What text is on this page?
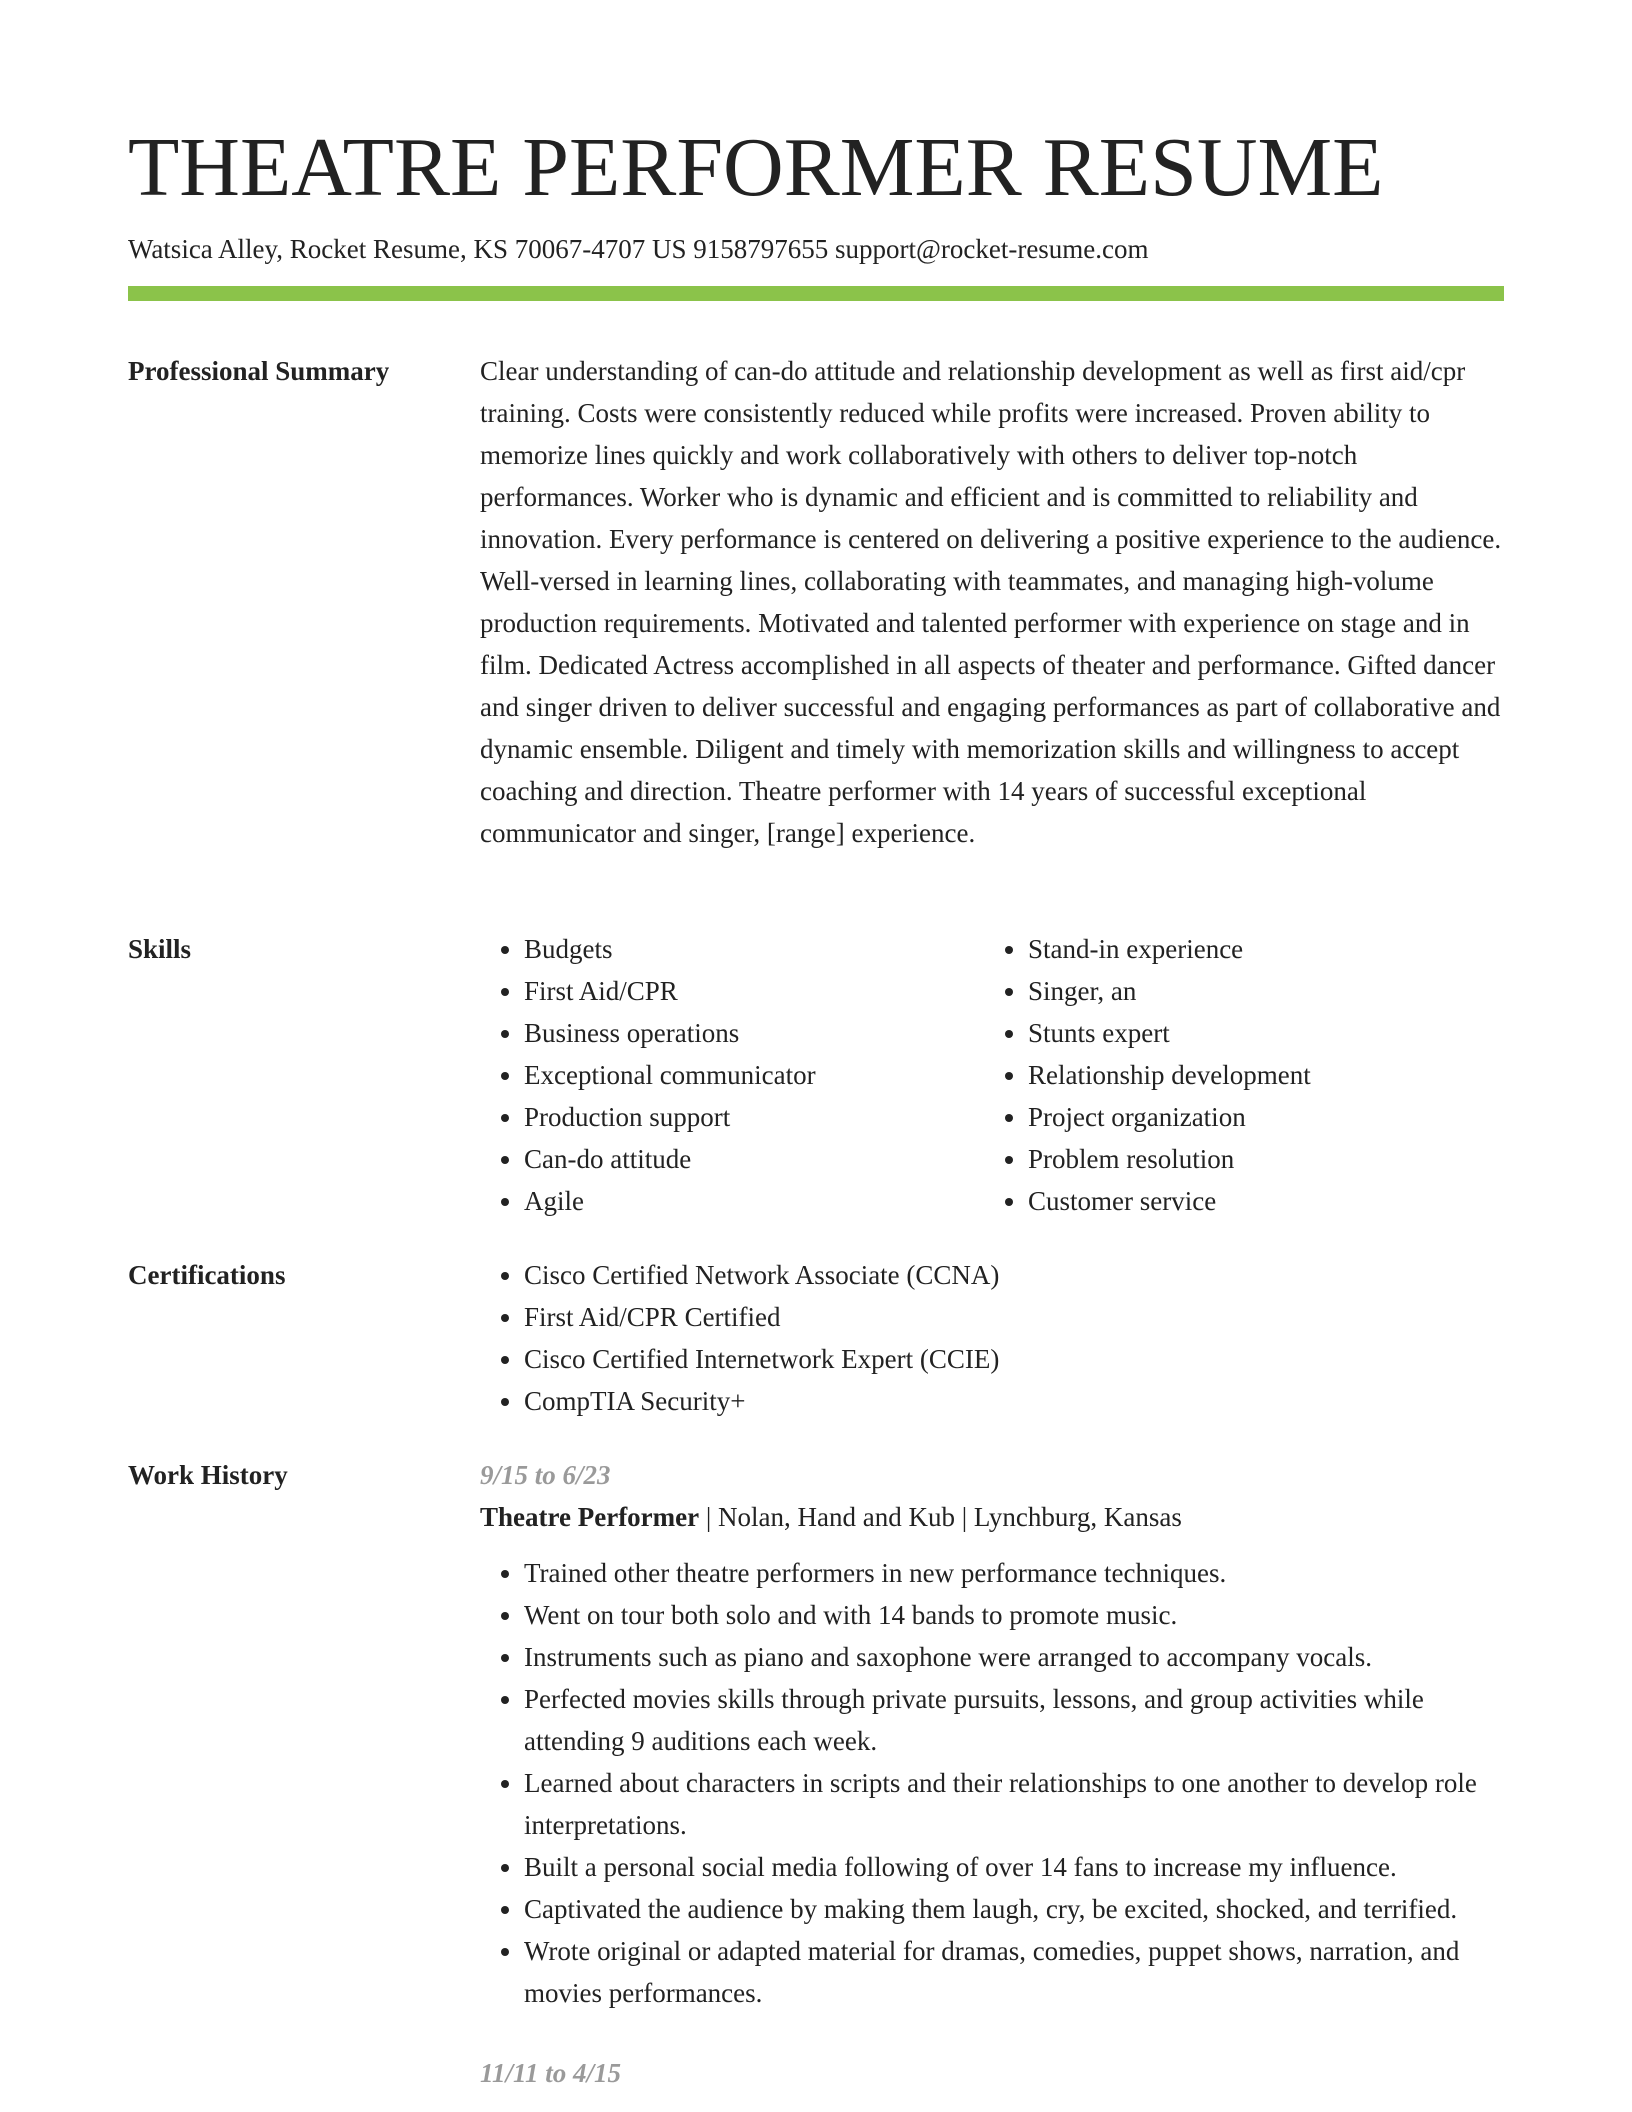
THEATRE PERFORMER RESUME
Watsica Alley, Rocket Resume, KS 70067-4707 US 9158797655 support@rocket-resume.com
Professional Summary	Clear understanding of can-do attitude and relationship development as well as first aid/cpr training. Costs were consistently reduced while profits were increased. Proven ability to memorize lines quickly and work collaboratively with others to deliver top-notch performances. Worker who is dynamic and efficient and is committed to reliability and innovation. Every performance is centered on delivering a positive experience to the audience. Well-versed in learning lines, collaborating with teammates, and managing high-volume production requirements. Motivated and talented performer with experience on stage and in film. Dedicated Actress accomplished in all aspects of theater and performance. Gifted dancer and singer driven to deliver successful and engaging performances as part of collaborative and dynamic ensemble. Diligent and timely with memorization skills and willingness to accept coaching and direction. Theatre performer with 14 years of successful exceptional communicator and singer, [range] experience.

Skills	• Budgets
• First Aid/CPR
• Business operations
• Exceptional communicator
• Production support
• Can-do attitude
• Agile
• Stand-in experience
• Singer, an
• Stunts expert
• Relationship development
• Project organization
• Problem resolution
• Customer service
Certifications	• Cisco Certified Network Associate (CCNA)
• First Aid/CPR Certified
• Cisco Certified Internetwork Expert (CCIE)
• CompTIA Security+
Work History	9/15 to 6/23
Theatre Performer | Nolan, Hand and Kub | Lynchburg, Kansas
• Trained other theatre performers in new performance techniques.
• Went on tour both solo and with 14 bands to promote music.
• Instruments such as piano and saxophone were arranged to accompany vocals.
• Perfected movies skills through private pursuits, lessons, and group activities while attending 9 auditions each week.
• Learned about characters in scripts and their relationships to one another to develop role interpretations.
• Built a personal social media following of over 14 fans to increase my influence.
• Captivated the audience by making them laugh, cry, be excited, shocked, and terrified.
• Wrote original or adapted material for dramas, comedies, puppet shows, narration, and movies performances.
11/11 to 4/15
